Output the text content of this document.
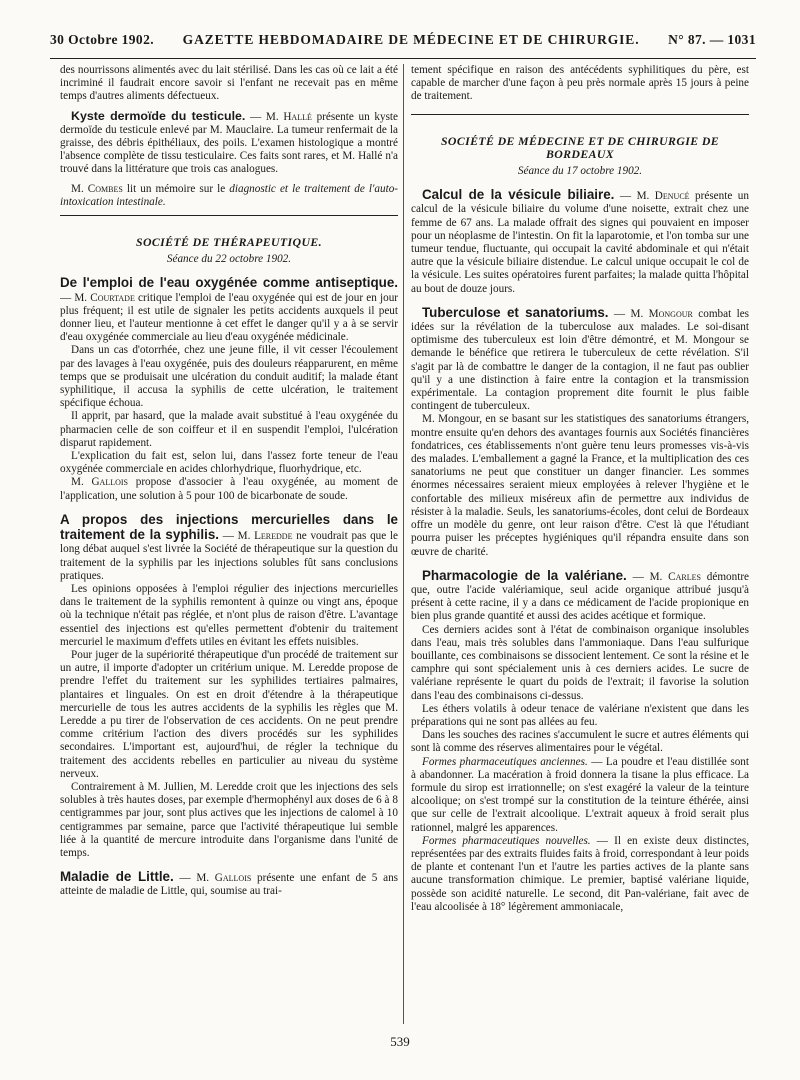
30 Octobre 1902. GAZETTE HEBDOMADAIRE DE MÉDECINE ET DE CHIRURGIE. N° 87. — 1031

des nourrissons alimentés avec du lait stérilisé. Dans les cas où ce lait a été incriminé il faudrait encore savoir si l'enfant ne recevait pas en même temps d'autres aliments défectueux.

Kyste dermoïde du testicule. — M. Hallé présente un kyste dermoïde du testicule enlevé par M. Mauclaire. La tumeur renfermait de la graisse, des débris épithéliaux, des poils. L'examen histologique a montré l'absence complète de tissu testiculaire. Ces faits sont rares, et M. Hallé n'a trouvé dans la littérature que trois cas analogues.

M. Combes lit un mémoire sur le diagnostic et le traitement de l'auto-intoxication intestinale.

SOCIÉTÉ DE THÉRAPEUTIQUE.
Séance du 22 octobre 1902.

De l'emploi de l'eau oxygénée comme antiseptique. — M. Courtade critique l'emploi de l'eau oxygénée qui est de jour en jour plus fréquent; il est utile de signaler les petits accidents auxquels il peut donner lieu, et l'auteur mentionne à cet effet le danger qu'il y a à se servir d'eau oxygénée commerciale au lieu d'eau oxygénée médicinale.

Dans un cas d'otorrhée, chez une jeune fille, il vit cesser l'écoulement par des lavages à l'eau oxygénée, puis des douleurs réapparurent, en même temps que se produisait une ulcération du conduit auditif; la malade étant syphilitique, il accusa la syphilis de cette ulcération, le traitement spécifique échoua.

Il apprit, par hasard, que la malade avait substitué à l'eau oxygénée du pharmacien celle de son coiffeur et il en suspendit l'emploi, l'ulcération disparut rapidement.

L'explication du fait est, selon lui, dans l'assez forte teneur de l'eau oxygénée commerciale en acides chlorhydrique, fluorhydrique, etc.

M. Gallois propose d'associer à l'eau oxygénée, au moment de l'application, une solution à 5 pour 100 de bicarbonate de soude.

A propos des injections mercurielles dans le traitement de la syphilis. — M. Leredde ne voudrait pas que le long débat auquel s'est livrée la Société de thérapeutique sur la question du traitement de la syphilis par les injections solubles fût sans conclusions pratiques.

Les opinions opposées à l'emploi régulier des injections mercurielles dans le traitement de la syphilis remontent à quinze ou vingt ans, époque où la technique n'était pas réglée, et n'ont plus de raison d'être. L'avantage essentiel des injections est qu'elles permettent d'obtenir du traitement mercuriel le maximum d'effets utiles en évitant les effets nuisibles.

Pour juger de la supériorité thérapeutique d'un procédé de traitement sur un autre, il importe d'adopter un critérium unique. M. Leredde propose de prendre l'effet du traitement sur les syphilides tertiaires palmaires, plantaires et linguales. On est en droit d'étendre à la thérapeutique mercurielle de tous les autres accidents de la syphilis les règles que M. Leredde a pu tirer de l'observation de ces accidents. On ne peut prendre comme critérium l'action des divers procédés sur les syphilides secondaires. L'important est, aujourd'hui, de régler la technique du traitement des accidents rebelles en particulier au niveau du système nerveux.

Contrairement à M. Jullien, M. Leredde croit que les injections des sels solubles à très hautes doses, par exemple d'hermophényl aux doses de 6 à 8 centigrammes par jour, sont plus actives que les injections de calomel à 10 centigrammes par semaine, parce que l'activité thérapeutique lui semble liée à la quantité de mercure introduite dans l'organisme dans l'unité de temps.

Maladie de Little. — M. Gallois présente une enfant de 5 ans atteinte de maladie de Little, qui, soumise au trai-

tement spécifique en raison des antécédents syphilitiques du père, est capable de marcher d'une façon à peu près normale après 15 jours à peine de traitement.

SOCIÉTÉ DE MÉDECINE ET DE CHIRURGIE DE BORDEAUX
Séance du 17 octobre 1902.

Calcul de la vésicule biliaire. — M. Denucé présente un calcul de la vésicule biliaire du volume d'une noisette, extrait chez une femme de 67 ans. La malade offrait des signes qui pouvaient en imposer pour un néoplasme de l'intestin. On fit la laparotomie, et l'on tomba sur une tumeur tendue, fluctuante, qui occupait la cavité abdominale et qui n'était autre que la vésicule biliaire distendue. Le calcul unique occupait le col de la vésicule. Les suites opératoires furent parfaites; la malade quitta l'hôpital au bout de douze jours.

Tuberculose et sanatoriums. — M. Mongour combat les idées sur la révélation de la tuberculose aux malades. Le soi-disant optimisme des tuberculeux est loin d'être démontré, et M. Mongour se demande le bénéfice que retirera le tuberculeux de cette révélation. S'il s'agit par là de combattre le danger de la contagion, il ne faut pas oublier qu'il y a une distinction à faire entre la contagion et la transmission expérimentale. La contagion proprement dite fournit le plus faible contingent de tuberculeux.

M. Mongour, en se basant sur les statistiques des sanatoriums étrangers, montre ensuite qu'en dehors des avantages fournis aux Sociétés financières fondatrices, ces établissements n'ont guère tenu leurs promesses vis-à-vis des malades. L'emballement a gagné la France, et la multiplication des ces sanatoriums ne peut que constituer un danger financier. Les sommes énormes nécessaires seraient mieux employées à relever l'hygiène et le confortable des milieux miséreux afin de permettre aux individus de résister à la maladie. Seuls, les sanatoriums-écoles, dont celui de Bordeaux offre un modèle du genre, ont leur raison d'être. C'est là que l'étudiant pourra puiser les préceptes hygiéniques qu'il répandra ensuite dans son œuvre de charité.

Pharmacologie de la valériane. — M. Carles démontre que, outre l'acide valériamique, seul acide organique attribué jusqu'à présent à cette racine, il y a dans ce médicament de l'acide propionique en bien plus grande quantité et aussi des acides acétique et formique.

Ces derniers acides sont à l'état de combinaison organique insolubles dans l'eau, mais très solubles dans l'ammoniaque. Dans l'eau sulfurique bouillante, ces combinaisons se dissocient lentement. Ce sont la résine et le camphre qui sont spécialement unis à ces derniers acides. Le sucre de valériane représente le quart du poids de l'extrait; il favorise la solution dans l'eau des combinaisons ci-dessus.

Les éthers volatils à odeur tenace de valériane n'existent que dans les préparations qui ne sont pas allées au feu.

Dans les souches des racines s'accumulent le sucre et autres éléments qui sont là comme des réserves alimentaires pour le végétal.

Formes pharmaceutiques anciennes. — La poudre et l'eau distillée sont à abandonner. La macération à froid donnera la tisane la plus efficace. La formule du sirop est irrationnelle; on s'est exagéré la valeur de la teinture alcoolique; on s'est trompé sur la constitution de la teinture éthérée, ainsi que sur celle de l'extrait alcoolique. L'extrait aqueux à froid serait plus rationnel, malgré les apparences.

Formes pharmaceutiques nouvelles. — Il en existe deux distinctes, représentées par des extraits fluides faits à froid, correspondant à leur poids de plante et contenant l'un et l'autre les parties actives de la plante sans aucune transformation chimique. Le premier, baptisé valériane liquide, possède son acidité naturelle. Le second, dit Pan-valériane, fait avec de l'eau alcoolisée à 18° légèrement ammoniacale,

539
